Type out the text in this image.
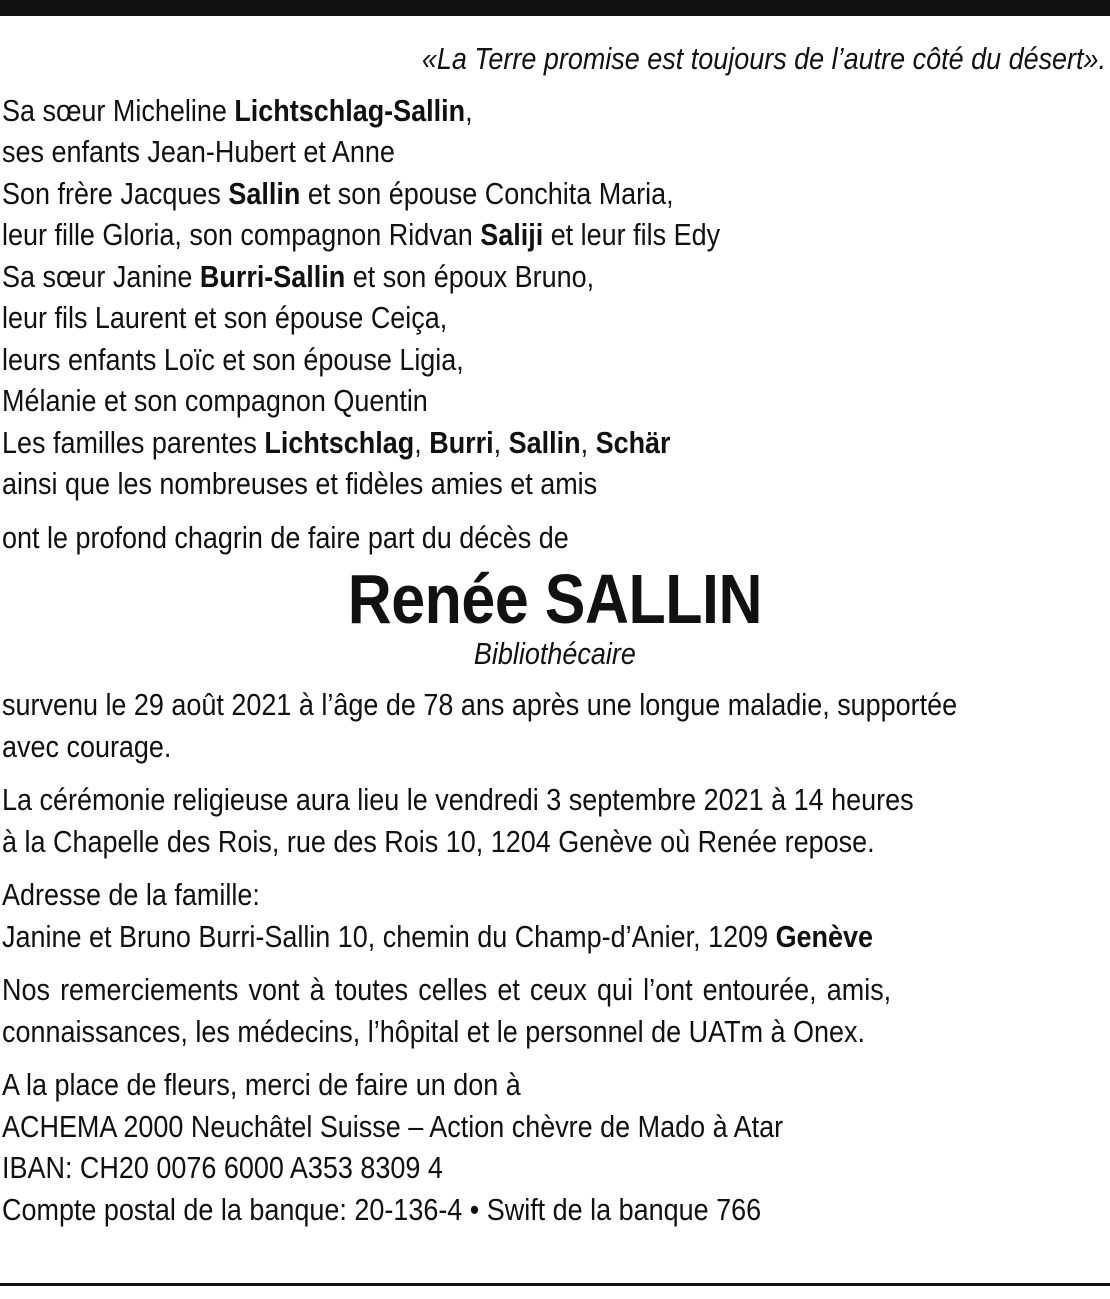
«La Terre promise est toujours de l’autre côté du désert».
Sa sœur Micheline Lichtschlag-Sallin,
ses enfants Jean-Hubert et Anne
Son frère Jacques Sallin et son épouse Conchita Maria,
leur fille Gloria, son compagnon Ridvan Saliji et leur fils Edy
Sa sœur Janine Burri-Sallin et son époux Bruno,
leur fils Laurent et son épouse Ceiça,
leurs enfants Loïc et son épouse Ligia,
Mélanie et son compagnon Quentin
Les familles parentes Lichtschlag, Burri, Sallin, Schär
ainsi que les nombreuses et fidèles amies et amis
ont le profond chagrin de faire part du décès de
Renée SALLIN
Bibliothécaire
survenu le 29 août 2021 à l’âge de 78 ans après une longue maladie, supportée
avec courage.
La cérémonie religieuse aura lieu le vendredi 3 septembre 2021 à 14 heures
à la Chapelle des Rois, rue des Rois 10, 1204 Genève où Renée repose.
Adresse de la famille:
Janine et Bruno Burri-Sallin 10, chemin du Champ-d’Anier, 1209 Genève
Nos remerciements vont à toutes celles et ceux qui l’ont entourée, amis,
connaissances, les médecins, l’hôpital et le personnel de UATm à Onex.
A la place de fleurs, merci de faire un don à
ACHEMA 2000 Neuchâtel Suisse – Action chèvre de Mado à Atar
IBAN: CH20 0076 6000 A353 8309 4
Compte postal de la banque: 20-136-4 • Swift de la banque 766
